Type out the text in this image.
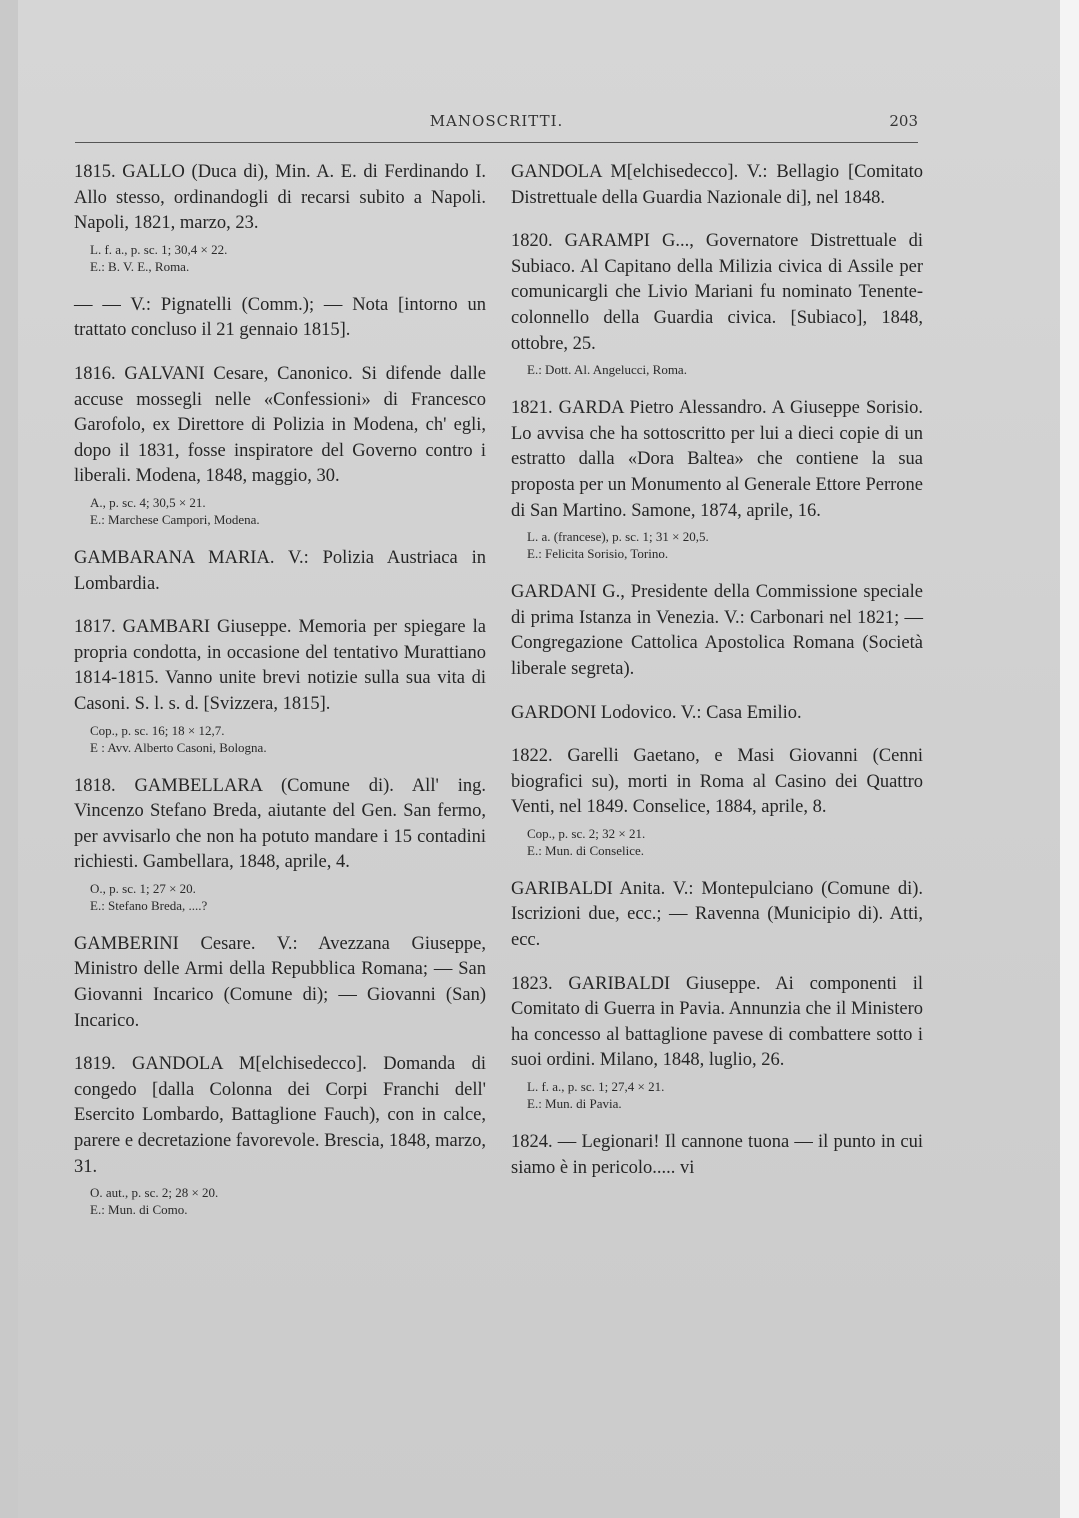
MANOSCRITTI.	203
1815. GALLO (Duca di), Min. A. E. di Ferdinando I. Allo stesso, ordinandogli di recarsi subito a Napoli. Napoli, 1821, marzo, 23.
L. f. a., p. sc. 1; 30,4 × 22.
E.: B. V. E., Roma.
— — V.: Pignatelli (Comm.); — Nota [intorno un trattato concluso il 21 gennaio 1815].
1816. GALVANI Cesare, Canonico. Si difende dalle accuse mossegli nelle «Confessioni» di Francesco Garofolo, ex Direttore di Polizia in Modena, ch' egli, dopo il 1831, fosse inspiratore del Governo contro i liberali. Modena, 1848, maggio, 30.
A., p. sc. 4; 30,5 × 21.
E.: Marchese Campori, Modena.
GAMBARANA MARIA. V.: Polizia Austriaca in Lombardia.
1817. GAMBARI Giuseppe. Memoria per spiegare la propria condotta, in occasione del tentativo Murattiano 1814-1815. Vanno unite brevi notizie sulla sua vita di Casoni. S. l. s. d. [Svizzera, 1815].
Cop., p. sc. 16; 18 × 12,7.
E : Avv. Alberto Casoni, Bologna.
1818. GAMBELLARA (Comune di). All' ing. Vincenzo Stefano Breda, aiutante del Gen. San fermo, per avvisarlo che non ha potuto mandare i 15 contadini richiesti. Gambellara, 1848, aprile, 4.
O., p. sc. 1; 27 × 20.
E.: Stefano Breda, ....?
GAMBERINI Cesare. V.: Avezzana Giuseppe, Ministro delle Armi della Repubblica Romana; — San Giovanni Incarico (Comune di); — Giovanni (San) Incarico.
1819. GANDOLA M[elchisedecco]. Domanda di congedo [dalla Colonna dei Corpi Franchi dell' Esercito Lombardo, Battaglione Fauch), con in calce, parere e decretazione favorevole. Brescia, 1848, marzo, 31.
O. aut., p. sc. 2; 28 × 20.
E.: Mun. di Como.
GANDOLA M[elchisedecco]. V.: Bellagio [Comitato Distrettuale della Guardia Nazionale di], nel 1848.
1820. GARAMPI G..., Governatore Distrettuale di Subiaco. Al Capitano della Milizia civica di Assile per comunicargli che Livio Mariani fu nominato Tenente-colonnello della Guardia civica. [Subiaco], 1848, ottobre, 25.
E.: Dott. Al. Angelucci, Roma.
1821. GARDA Pietro Alessandro. A Giuseppe Sorisio. Lo avvisa che ha sottoscritto per lui a dieci copie di un estratto dalla «Dora Baltea» che contiene la sua proposta per un Monumento al Generale Ettore Perrone di San Martino. Samone, 1874, aprile, 16.
L. a. (francese), p. sc. 1; 31 × 20,5.
E.: Felicita Sorisio, Torino.
GARDANI G., Presidente della Commissione speciale di prima Istanza in Venezia. V.: Carbonari nel 1821; — Congregazione Cattolica Apostolica Romana (Società liberale segreta).
GARDONI Lodovico. V.: Casa Emilio.
1822. Garelli Gaetano, e Masi Giovanni (Cenni biografici su), morti in Roma al Casino dei Quattro Venti, nel 1849. Conselice, 1884, aprile, 8.
Cop., p. sc. 2; 32 × 21.
E.: Mun. di Conselice.
GARIBALDI Anita. V.: Montepulciano (Comune di). Iscrizioni due, ecc.; — Ravenna (Municipio di). Atti, ecc.
1823. GARIBALDI Giuseppe. Ai componenti il Comitato di Guerra in Pavia. Annunzia che il Ministero ha concesso al battaglione pavese di combattere sotto i suoi ordini. Milano, 1848, luglio, 26.
L. f. a., p. sc. 1; 27,4 × 21.
E.: Mun. di Pavia.
1824. — Legionari! Il cannone tuona — il punto in cui siamo è in pericolo..... vi
